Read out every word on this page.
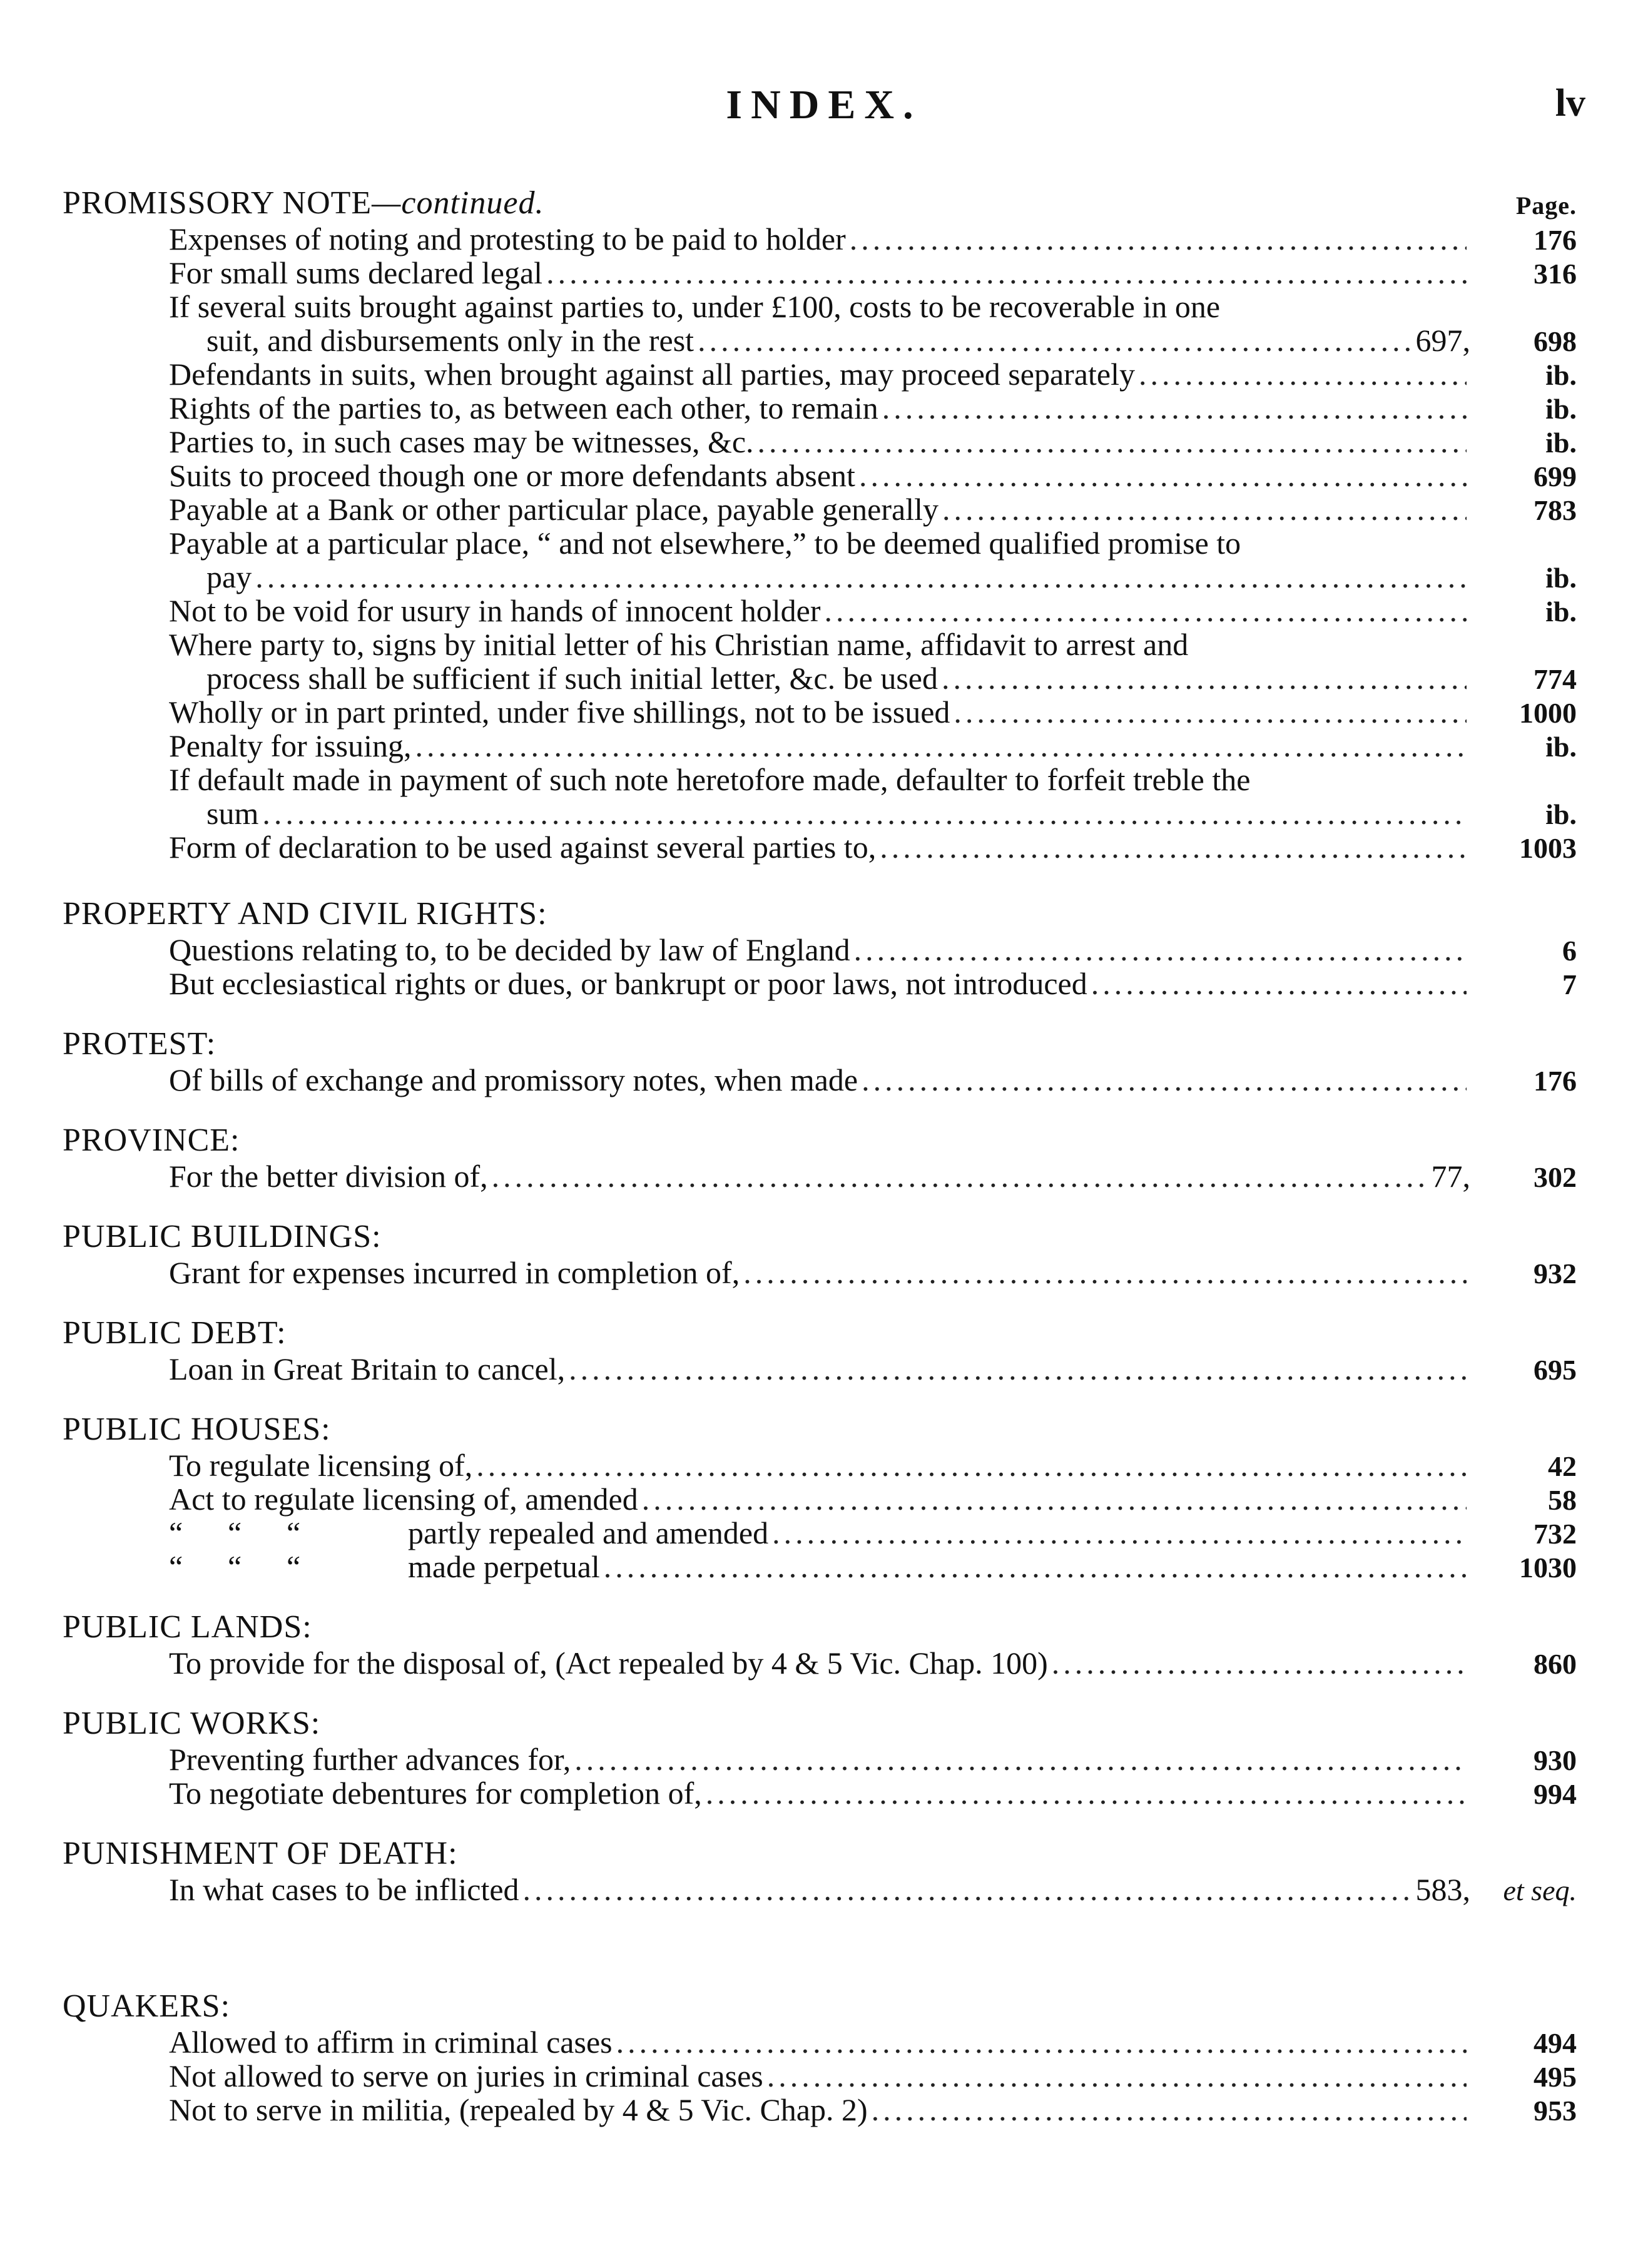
INDEX.	lv
PROMISSORY NOTE—continued.	Page.
Expenses of noting and protesting to be paid to holder .....	176
For small sums declared legal .....	316
If several suits brought against parties to, under £100, costs to be recoverable in one
suit, and disbursements only in the rest .....	697,	698
Defendants in suits, when brought against all parties, may proceed separately .....	ib.
Rights of the parties to, as between each other, to remain .....	ib.
Parties to, in such cases may be witnesses, &c. .....	ib.
Suits to proceed though one or more defendants absent .....	699
Payable at a Bank or other particular place, payable generally .....	783
Payable at a particular place, “ and not elsewhere,” to be deemed qualified promise to
pay .....	ib.
Not to be void for usury in hands of innocent holder .....	ib.
Where party to, signs by initial letter of his Christian name, affidavit to arrest and
process shall be sufficient if such initial letter, &c. be used .....	774
Wholly or in part printed, under five shillings, not to be issued .....	1000
Penalty for issuing, .....	ib.
If default made in payment of such note heretofore made, defaulter to forfeit treble the
sum .....	ib.
Form of declaration to be used against several parties to, .....	1003
PROPERTY AND CIVIL RIGHTS:
Questions relating to, to be decided by law of England .....	6
But ecclesiastical rights or dues, or bankrupt or poor laws, not introduced .....	7
PROTEST:
Of bills of exchange and promissory notes, when made .....	176
PROVINCE:
For the better division of, .....	77,	302
PUBLIC BUILDINGS:
Grant for expenses incurred in completion of, .....	932
PUBLIC DEBT:
Loan in Great Britain to cancel, .....	695
PUBLIC HOUSES:
To regulate licensing of, .....	42
Act to regulate licensing of, amended .....	58
“ “ “	partly repealed and amended .....	732
“ “ “	made perpetual .....	1030
PUBLIC LANDS:
To provide for the disposal of, (Act repealed by 4 & 5 Vic. Chap. 100) .....	860
PUBLIC WORKS:
Preventing further advances for, .....	930
To negotiate debentures for completion of, .....	994
PUNISHMENT OF DEATH:
In what cases to be inflicted .....	583,	et seq.
QUAKERS:
Allowed to affirm in criminal cases .....	494
Not allowed to serve on juries in criminal cases .....	495
Not to serve in militia, (repealed by 4 & 5 Vic. Chap. 2) .....	953
